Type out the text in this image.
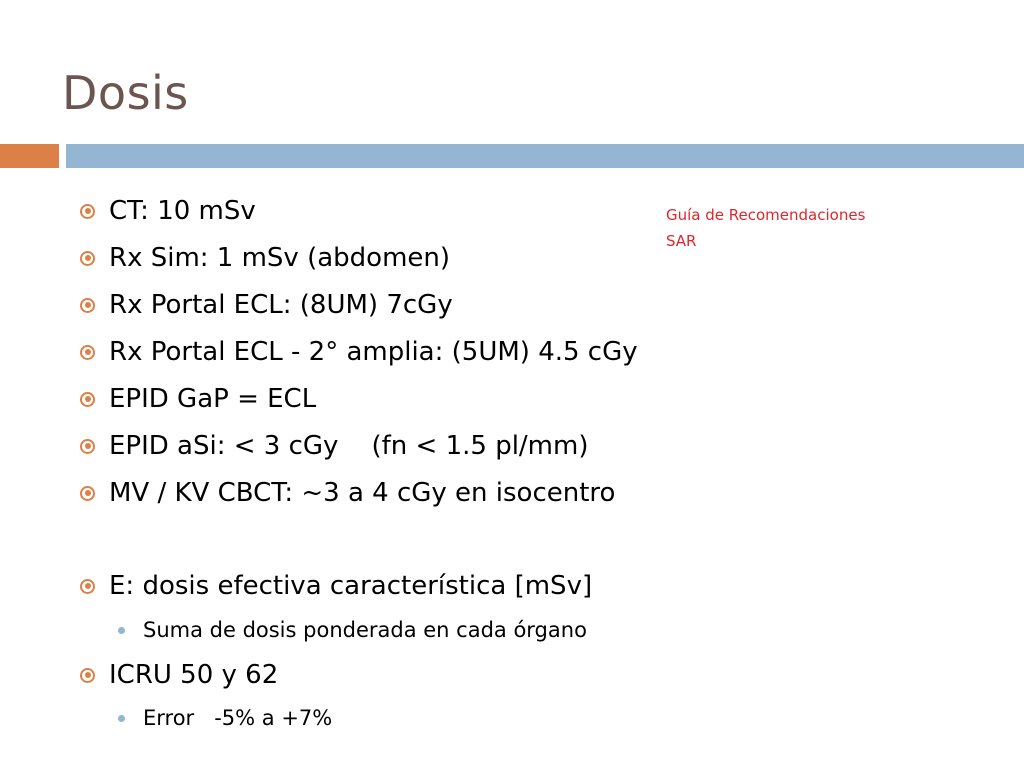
Dosis
Guía de Recomendaciones
SAR
CT: 10 mSv
Rx Sim: 1 mSv (abdomen)
Rx Portal ECL: (8UM) 7cGy
Rx Portal ECL - 2° amplia: (5UM) 4.5 cGy
EPID GaP = ECL
EPID aSi: < 3 cGy    (fn < 1.5 pl/mm)
MV / KV CBCT: ~3 a 4 cGy en isocentro
E: dosis efectiva característica [mSv]
Suma de dosis ponderada en cada órgano
ICRU 50 y 62
Error   -5% a +7%
